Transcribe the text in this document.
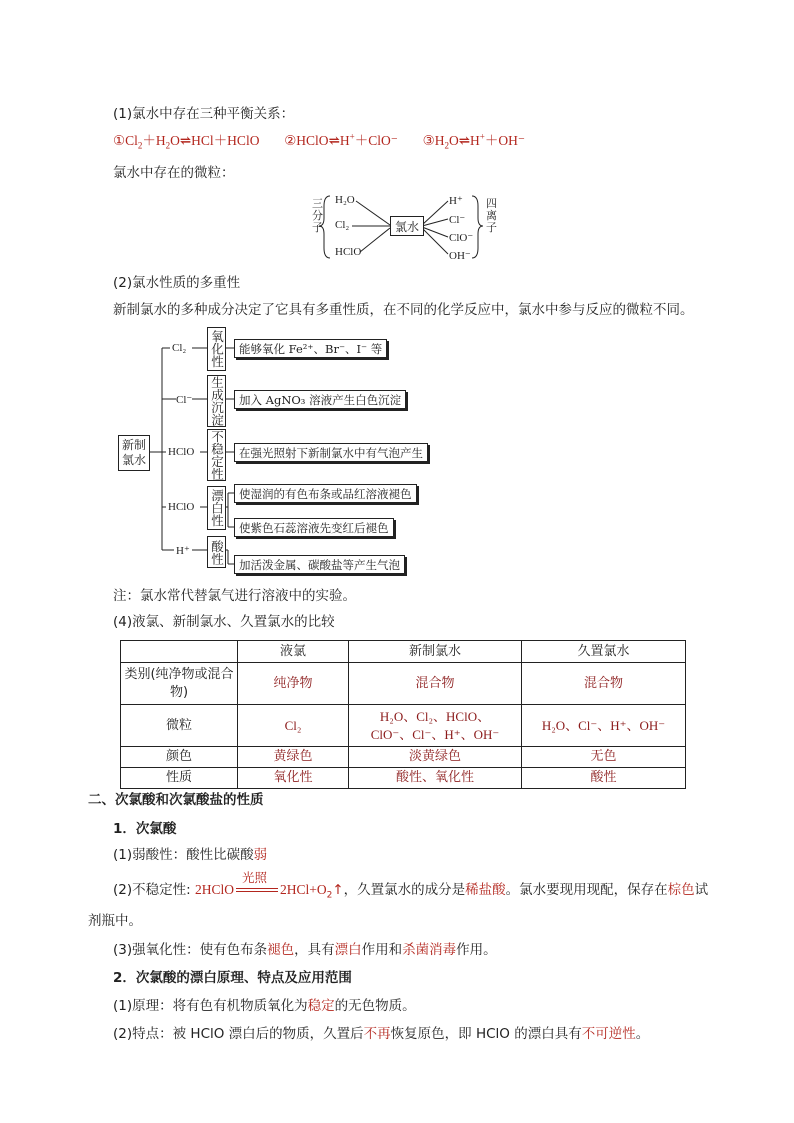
(1)氯水中存在三种平衡关系：
$①Cl_2+H_2O\rightleftharpoons HCl+HClO$ ②HClO⇌H+＋ClO⁻ $③H_2O\rightleftharpoons H^++OH^-$
氯水中存在的微粒：
三分子
H₂O
Cl₂
HClO
氯水
H⁺
Cl⁻
ClO⁻
OH⁻
四离子
(2)氯水性质的多重性
新制氯水的多种成分决定了它具有多重性质，在不同的化学反应中，氯水中参与反应的微粒不同。
新制氯水
Cl₂
Cl⁻
HClO
HClO
H⁺
氧化性
生成沉淀
不稳定性
漂白性
酸性
能够氧化 Fe²⁺、Br⁻、I⁻ 等
加入 AgNO₃ 溶液产生白色沉淀
在强光照射下新制氯水中有气泡产生
使湿润的有色布条或品红溶液褪色
使紫色石蕊溶液先变红后褪色
加活泼金属、碳酸盐等产生气泡
注：氯水常代替氯气进行溶液中的实验。
(4)液氯、新制氯水、久置氯水的比较
	液氯	新制氯水	久置氯水
类别(纯净物或混合物)	纯净物	混合物	混合物
微粒	Cl₂	H₂O、Cl₂、HClO、ClO⁻、Cl⁻、H⁺、OH⁻	H₂O、Cl⁻、H⁺、OH⁻
颜色	黄绿色	淡黄绿色	无色
性质	氧化性	酸性、氧化性	酸性
二、次氯酸和次氯酸盐的性质
1．次氯酸
(1)弱酸性：酸性比碳酸弱
(2)不稳定性: 2HClO
光照
$2HCl+O_2↑$，久置氯水的成分是稀盐酸。氯水要现用现配，保存在棕色试
剂瓶中。
(3)强氧化性：使有色布条褪色，具有漂白作用和杀菌消毒作用。
2．次氯酸的漂白原理、特点及应用范围
(1)原理：将有色有机物质氧化为稳定的无色物质。
(2)特点：被 HClO 漂白后的物质，久置后不再恢复原色，即 HClO 的漂白具有不可逆性。
